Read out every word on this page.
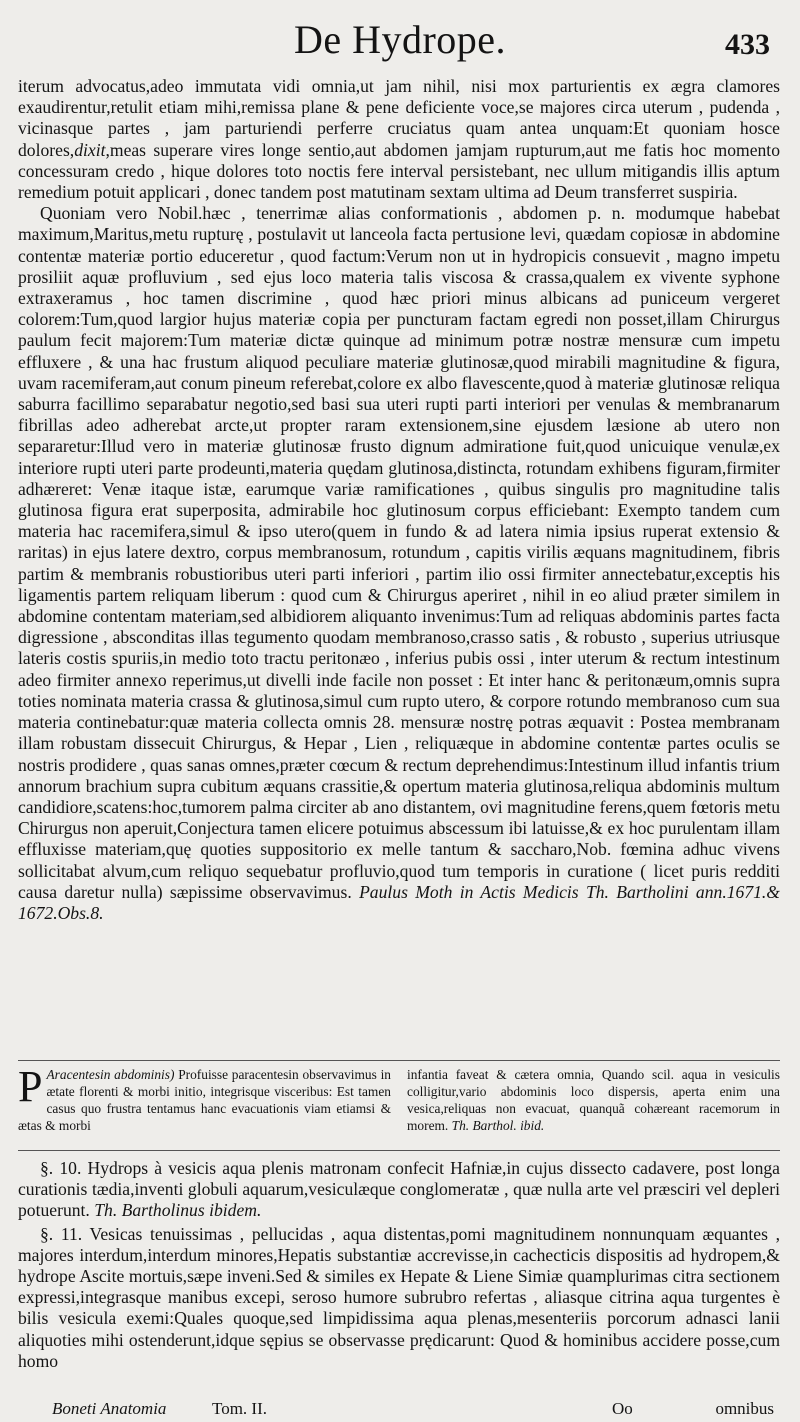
De Hydrope.	433

iterum advocatus,adeo immutata vidi omnia,ut jam nihil, nisi mox parturientis ex ægra clamores exaudirentur,retulit etiam mihi,remissa plane & pene deficiente voce,se majores circa uterum , pudenda , vicinasque partes , jam parturiendi perferre cruciatus quam antea unquam:Et quoniam hosce dolores,dixit,meas superare vires longe sentio,aut abdomen jamjam rupturum,aut me fatis hoc momento concessuram credo , hique dolores toto noctis fere interval persistebant, nec ullum mitigandis illis aptum remedium potuit applicari , donec tandem post matutinam sextam ultima ad Deum transferret suspiria.

Quoniam vero Nobil.hæc , tenerrimæ alias conformationis , abdomen p. n. modumque habebat maximum,Maritus,metu rupturę , postulavit ut lanceola facta pertusione levi, quædam copiosæ in abdomine contentæ materiæ portio educeretur , quod factum:Verum non ut in hydropicis consuevit , magno impetu prosiliit aquæ profluvium , sed ejus loco materia talis viscosa & crassa,qualem ex vivente syphone extraxeramus , hoc tamen discrimine , quod hæc priori minus albicans ad puniceum vergeret colorem:Tum,quod largior hujus materiæ copia per puncturam factam egredi non posset,illam Chirurgus paulum fecit majorem:Tum materiæ dictæ quinque ad minimum potræ nostræ mensuræ cum impetu effluxere , & una hac frustum aliquod peculiare materiæ glutinosæ,quod mirabili magnitudine & figura, uvam racemiferam,aut conum pineum referebat,colore ex albo flavescente,quod à materiæ glutinosæ reliqua saburra facillimo separabatur negotio,sed basi sua uteri rupti parti interiori per venulas & membranarum fibrillas adeo adherebat arcte,ut propter raram extensionem,sine ejusdem læsione ab utero non separaretur:Illud vero in materiæ glutinosæ frusto dignum admiratione fuit,quod unicuique venulæ,ex interiore rupti uteri parte prodeunti,materia quędam glutinosa,distincta, rotundam exhibens figuram,firmiter adhæreret: Venæ itaque istæ, earumque variæ ramificationes , quibus singulis pro magnitudine talis glutinosa figura erat superposita, admirabile hoc glutinosum corpus efficiebant: Exempto tandem cum materia hac racemifera,simul & ipso utero(quem in fundo & ad latera nimia ipsius ruperat extensio & raritas) in ejus latere dextro, corpus membranosum, rotundum , capitis virilis æquans magnitudinem, fibris partim & membranis robustioribus uteri parti inferiori , partim ilio ossi firmiter annectebatur,exceptis his ligamentis partem reliquam liberum : quod cum & Chirurgus aperiret , nihil in eo aliud præter similem in abdomine contentam materiam,sed albidiorem aliquanto invenimus:Tum ad reliquas abdominis partes facta digressione , absconditas illas tegumento quodam membranoso,crasso satis , & robusto , superius utriusque lateris costis spuriis,in medio toto tractu peritonæo , inferius pubis ossi , inter uterum & rectum intestinum adeo firmiter annexo reperimus,ut divelli inde facile non posset : Et inter hanc & peritonæum,omnis supra toties nominata materia crassa & glutinosa,simul cum rupto utero, & corpore rotundo membranoso cum sua materia continebatur:quæ materia collecta omnis 28. mensuræ nostrę potras æquavit : Postea membranam illam robustam dissecuit Chirurgus, & Hepar , Lien , reliquæque in abdomine contentæ partes oculis se nostris prodidere , quas sanas omnes,præter cœcum & rectum deprehendimus:Intestinum illud infantis trium annorum brachium supra cubitum æquans crassitie,& opertum materia glutinosa,reliqua abdominis multum candidiore,scatens:hoc,tumorem palma circiter ab ano distantem, ovi magnitudine ferens,quem fœtoris metu Chirurgus non aperuit,Conjectura tamen elicere potuimus abscessum ibi latuisse,& ex hoc purulentam illam effluxisse materiam,quę quoties suppositorio ex melle tantum & saccharo,Nob. fœmina adhuc vivens sollicitabat alvum,cum reliquo sequebatur profluvio,quod tum temporis in curatione ( licet puris redditi causa daretur nulla) sæpissime observavimus. Paulus Moth in Actis Medicis Th. Bartholini ann.1671.& 1672.Obs.8.

P Aracentesin abdominis) Profuisse paracentesin observavimus in ætate florenti & morbi initio, integrisque visceribus: Est tamen casus quo frustra tentamus hanc evacuationis viam etiamsi & ætas & morbi

infantia faveat & cætera omnia, Quando scil. aqua in vesiculis colligitur,vario abdominis loco dispersis, aperta enim una vesica,reliquas non evacuat, quanquã cohæreant racemorum in morem. Th. Barthol. ibid.

§. 10. Hydrops à vesicis aqua plenis matronam confecit Hafniæ,in cujus dissecto cadavere, post longa curationis tædia,inventi globuli aquarum,vesiculæque conglomeratæ , quæ nulla arte vel præsciri vel depleri potuerunt. Th. Bartholinus ibidem.

§. 11. Vesicas tenuissimas , pellucidas , aqua distentas,pomi magnitudinem nonnunquam æquantes , majores interdum,interdum minores,Hepatis substantiæ accrevisse,in cachecticis dispositis ad hydropem,& hydrope Ascite mortuis,sæpe inveni.Sed & similes ex Hepate & Liene Simiæ quamplurimas citra sectionem expressi,integrasque manibus excepi, seroso humore subrubro refertas , aliasque citrina aqua turgentes è bilis vesicula exemi:Quales quoque,sed limpidissima aqua plenas,mesenteriis porcorum adnasci lanii aliquoties mihi ostenderunt,idque sępius se observasse prędicarunt: Quod & hominibus accidere posse,cum homo

Boneti Anatomia	Tom. II.	Oo	omnibus
